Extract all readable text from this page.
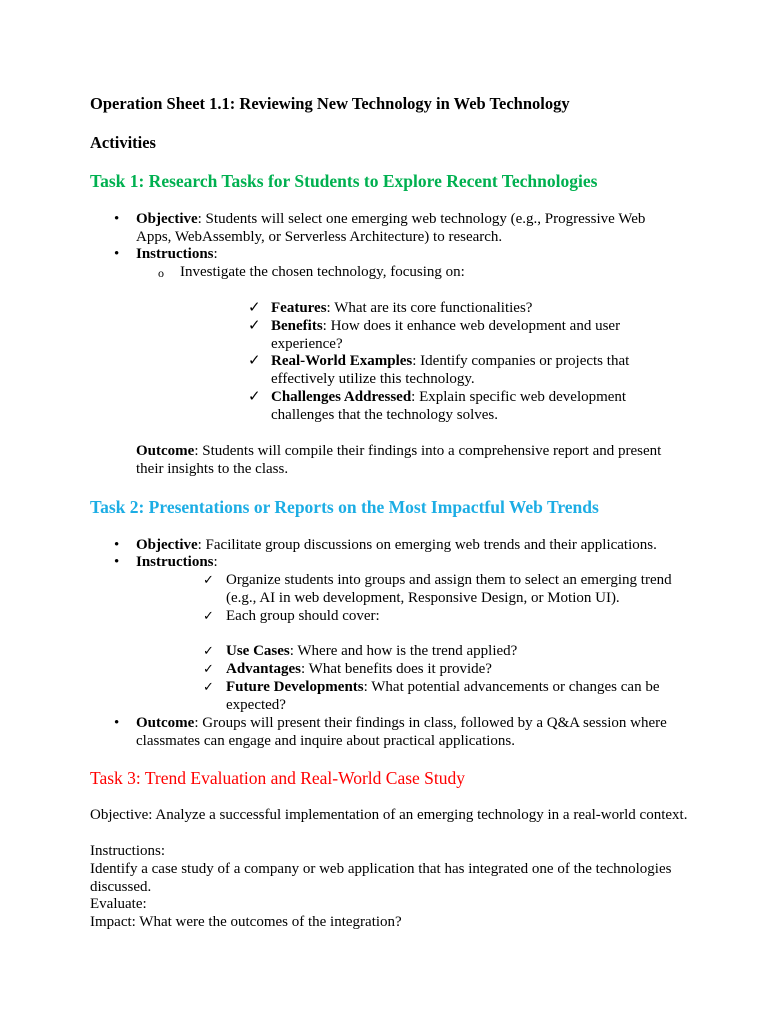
Operation Sheet 1.1: Reviewing New Technology in Web Technology

Activities

Task 1: Research Tasks for Students to Explore Recent Technologies

•	Objective: Students will select one emerging web technology (e.g., Progressive Web Apps, WebAssembly, or Serverless Architecture) to research.
•	Instructions:
o Investigate the chosen technology, focusing on:
✓ Features: What are its core functionalities?
✓ Benefits: How does it enhance web development and user experience?
✓ Real-World Examples: Identify companies or projects that effectively utilize this technology.
✓ Challenges Addressed: Explain specific web development challenges that the technology solves.
Outcome: Students will compile their findings into a comprehensive report and present their insights to the class.

Task 2: Presentations or Reports on the Most Impactful Web Trends

•	Objective: Facilitate group discussions on emerging web trends and their applications.
•	Instructions:
✓ Organize students into groups and assign them to select an emerging trend (e.g., AI in web development, Responsive Design, or Motion UI).
✓ Each group should cover:
✓ Use Cases: Where and how is the trend applied?
✓ Advantages: What benefits does it provide?
✓ Future Developments: What potential advancements or changes can be expected?
•	Outcome: Groups will present their findings in class, followed by a Q&A session where classmates can engage and inquire about practical applications.

Task 3: Trend Evaluation and Real-World Case Study

Objective: Analyze a successful implementation of an emerging technology in a real-world context.
Instructions:
Identify a case study of a company or web application that has integrated one of the technologies discussed.
Evaluate:
Impact: What were the outcomes of the integration?
